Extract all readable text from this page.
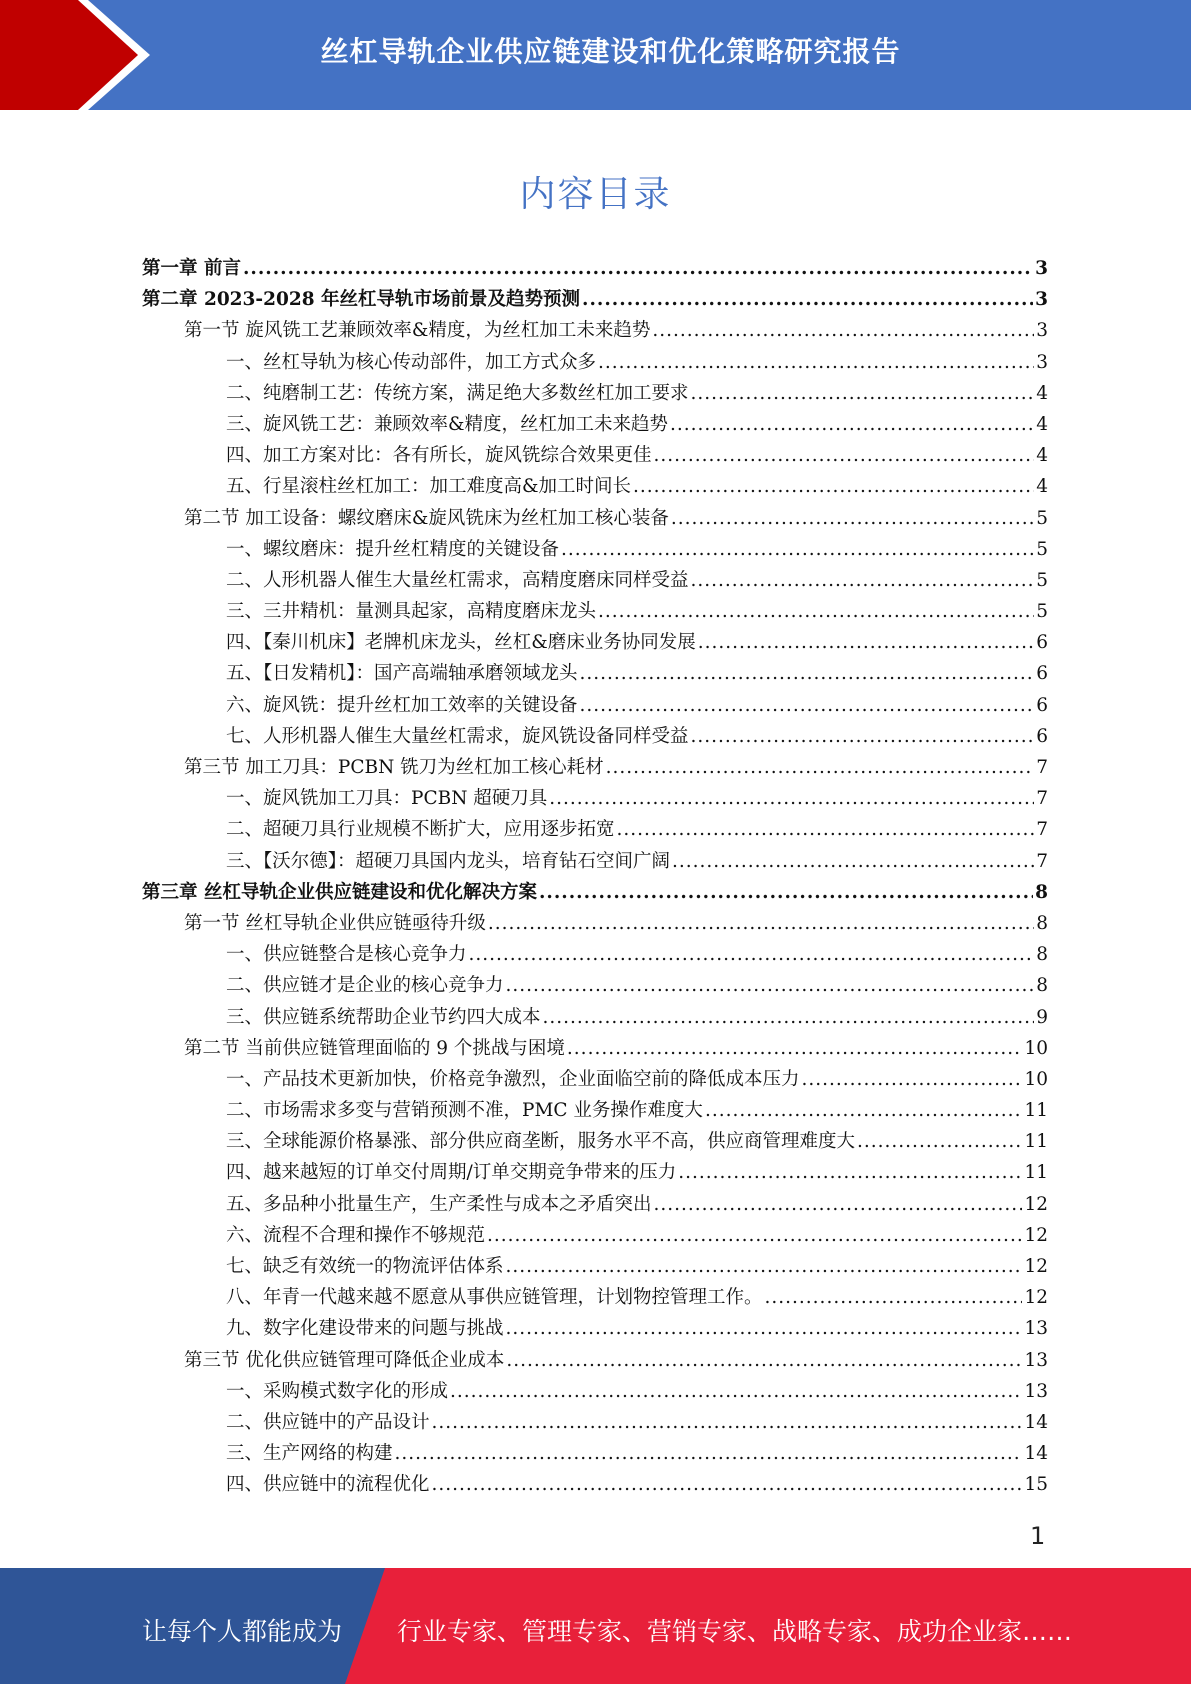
丝杠导轨企业供应链建设和优化策略研究报告
内容目录
第一章 前言 .....	3
第二章 2023-2028 年丝杠导轨市场前景及趋势预测 .....	3
第一节 旋风铣工艺兼顾效率&精度，为丝杠加工未来趋势 .....	3
一、丝杠导轨为核心传动部件，加工方式众多 .....	3
二、纯磨制工艺：传统方案，满足绝大多数丝杠加工要求 .....	4
三、旋风铣工艺：兼顾效率&精度，丝杠加工未来趋势 .....	4
四、加工方案对比：各有所长，旋风铣综合效果更佳 .....	4
五、行星滚柱丝杠加工：加工难度高&加工时间长 .....	4
第二节 加工设备：螺纹磨床&旋风铣床为丝杠加工核心装备 .....	5
一、螺纹磨床：提升丝杠精度的关键设备 .....	5
二、人形机器人催生大量丝杠需求，高精度磨床同样受益 .....	5
三、三井精机：量测具起家，高精度磨床龙头 .....	5
四、【秦川机床】老牌机床龙头，丝杠&磨床业务协同发展 .....	6
五、【日发精机】：国产高端轴承磨领域龙头 .....	6
六、旋风铣：提升丝杠加工效率的关键设备 .....	6
七、人形机器人催生大量丝杠需求，旋风铣设备同样受益 .....	6
第三节 加工刀具：PCBN 铣刀为丝杠加工核心耗材 .....	7
一、旋风铣加工刀具：PCBN 超硬刀具 .....	7
二、超硬刀具行业规模不断扩大，应用逐步拓宽 .....	7
三、【沃尔德】：超硬刀具国内龙头，培育钻石空间广阔 .....	7
第三章 丝杠导轨企业供应链建设和优化解决方案 .....	8
第一节 丝杠导轨企业供应链亟待升级 .....	8
一、供应链整合是核心竞争力 .....	8
二、供应链才是企业的核心竞争力 .....	8
三、供应链系统帮助企业节约四大成本 .....	9
第二节 当前供应链管理面临的 9 个挑战与困境 .....	10
一、产品技术更新加快，价格竞争激烈，企业面临空前的降低成本压力 .....	10
二、市场需求多变与营销预测不准，PMC 业务操作难度大 .....	11
三、全球能源价格暴涨、部分供应商垄断，服务水平不高，供应商管理难度大 .....	11
四、越来越短的订单交付周期/订单交期竞争带来的压力 .....	11
五、多品种小批量生产，生产柔性与成本之矛盾突出 .....	12
六、流程不合理和操作不够规范 .....	12
七、缺乏有效统一的物流评估体系 .....	12
八、年青一代越来越不愿意从事供应链管理，计划物控管理工作。 .....	12
九、数字化建设带来的问题与挑战 .....	13
第三节 优化供应链管理可降低企业成本 .....	13
一、采购模式数字化的形成 .....	13
二、供应链中的产品设计 .....	14
三、生产网络的构建 .....	14
四、供应链中的流程优化 .....	15
1
让每个人都能成为 行业专家、管理专家、营销专家、战略专家、成功企业家……
